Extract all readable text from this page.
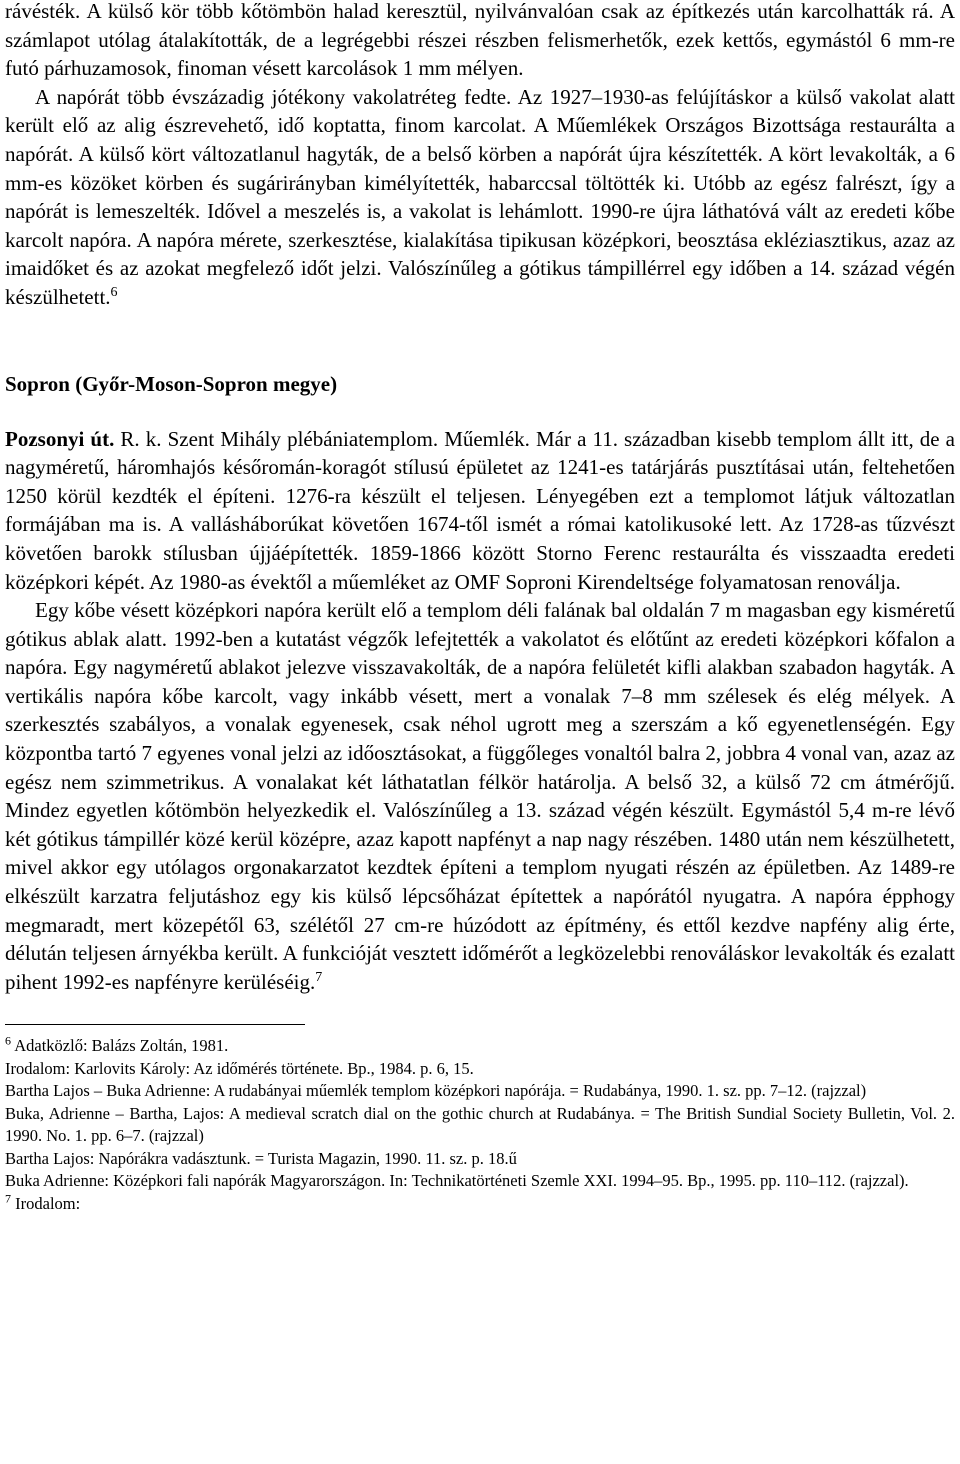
rávésték. A külső kör több kőtömbön halad keresztül, nyilvánvalóan csak az építkezés után karcolhatták rá. A számlapot utólag átalakították, de a legrégebbi részei részben felismerhetők, ezek kettős, egymástól 6 mm-re futó párhuzamosok, finoman vésett karcolások 1 mm mélyen.

A napórát több évszázadig jótékony vakolatréteg fedte. Az 1927–1930-as felújításkor a külső vakolat alatt került elő az alig észrevehető, idő koptatta, finom karcolat. A Műemlékek Országos Bizottsága restaurálta a napórát. A külső kört változatlanul hagyták, de a belső körben a napórát újra készítették. A kört levakolták, a 6 mm-es közöket körben és sugárirányban kimélyítették, habarccsal töltötték ki. Utóbb az egész falrészt, így a napórát is lemeszelték. Idővel a meszelés is, a vakolat is lehámlott. 1990-re újra láthatóvá vált az eredeti kőbe karcolt napóra. A napóra mérete, szerkesztése, kialakítása tipikusan középkori, beosztása ekléziasztikus, azaz az imaidőket és az azokat megfelező időt jelzi. Valószínűleg a gótikus támpillérrel egy időben a 14. század végén készülhetett.$^6$

Sopron (Győr-Moson-Sopron megye)

Pozsonyi út. R. k. Szent Mihály plébániatemplom. Műemlék. Már a 11. században kisebb templom állt itt, de a nagyméretű, háromhajós későromán-koragót stílusú épületet az 1241-es tatárjárás pusztításai után, feltehetően 1250 körül kezdték el építeni. 1276-ra készült el teljesen. Lényegében ezt a templomot látjuk változatlan formájában ma is. A vallásháborúkat követően 1674-től ismét a római katolikusoké lett. Az 1728-as tűzvészt követően barokk stílusban újjáépítették. 1859-1866 között Storno Ferenc restaurálta és visszaadta eredeti középkori képét. Az 1980-as évektől a műemléket az OMF Soproni Kirendeltsége folyamatosan renoválja.

Egy kőbe vésett középkori napóra került elő a templom déli falának bal oldalán 7 m magasban egy kisméretű gótikus ablak alatt. 1992-ben a kutatást végzők lefejtették a vakolatot és előtűnt az eredeti középkori kőfalon a napóra. Egy nagyméretű ablakot jelezve visszavakolták, de a napóra felületét kifli alakban szabadon hagyták. A vertikális napóra kőbe karcolt, vagy inkább vésett, mert a vonalak 7–8 mm szélesek és elég mélyek. A szerkesztés szabályos, a vonalak egyenesek, csak néhol ugrott meg a szerszám a kő egyenetlenségén. Egy központba tartó 7 egyenes vonal jelzi az időosztásokat, a függőleges vonaltól balra 2, jobbra 4 vonal van, azaz az egész nem szimmetrikus. A vonalakat két láthatatlan félkör határolja. A belső 32, a külső 72 cm átmérőjű. Mindez egyetlen kőtömbön helyezkedik el. Valószínűleg a 13. század végén készült. Egymástól 5,4 m-re lévő két gótikus támpillér közé kerül középre, azaz kapott napfényt a nap nagy részében. 1480 után nem készülhetett, mivel akkor egy utólagos orgonakarzatot kezdtek építeni a templom nyugati részén az épületben. Az 1489-re elkészült karzatra feljutáshoz egy kis külső lépcsőházat építettek a napórától nyugatra. A napóra épphogy megmaradt, mert közepétől 63, szélétől 27 cm-re húzódott az építmény, és ettől kezdve napfény alig érte, délután teljesen árnyékba került. A funkcióját vesztett időmérőt a legközelebbi renováláskor levakolták és ezalatt pihent 1992-es napfényre kerüléséig.$^7$

$^6$ Adatközlő: Balázs Zoltán, 1981.

Irodalom: Karlovits Károly: Az időmérés története. Bp., 1984. p. 6, 15.

Bartha Lajos – Buka Adrienne: A rudabányai műemlék templom középkori napórája. = Rudabánya, 1990. 1. sz. pp. 7–12. (rajzzal)

Buka, Adrienne – Bartha, Lajos: A medieval scratch dial on the gothic church at Rudabánya. = The British Sundial Society Bulletin, Vol. 2. 1990. No. 1. pp. 6–7. (rajzzal)

Bartha Lajos: Napórákra vadásztunk. = Turista Magazin, 1990. 11. sz. p. 18.ű

Buka Adrienne: Középkori fali napórák Magyarországon. In: Technikatörténeti Szemle XXI. 1994–95. Bp., 1995. pp. 110–112. (rajzzal).

$^7$ Irodalom:
